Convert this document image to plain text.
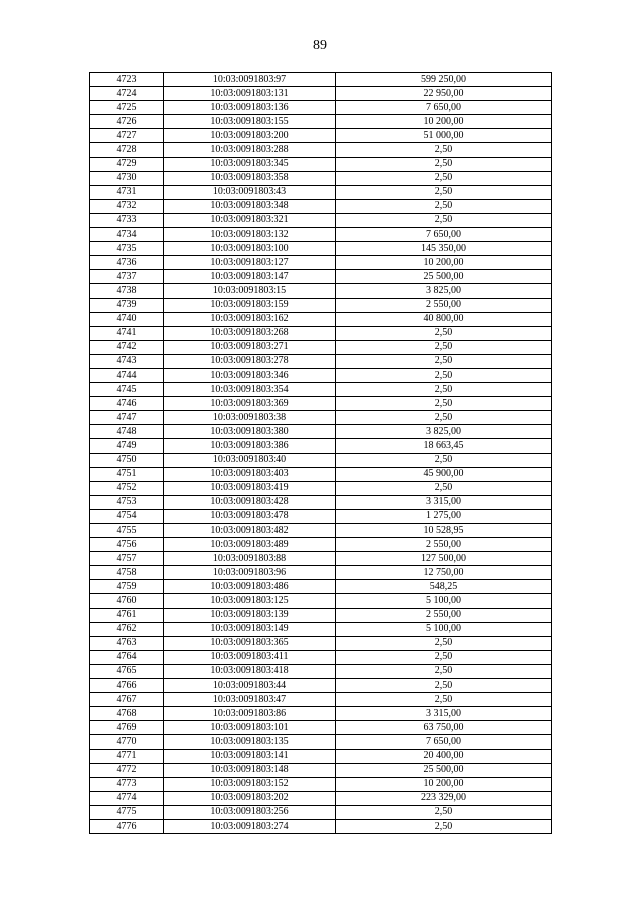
89
4723	10:03:0091803:97	599 250,00
4724	10:03:0091803:131	22 950,00
4725	10:03:0091803:136	7 650,00
4726	10:03:0091803:155	10 200,00
4727	10:03:0091803:200	51 000,00
4728	10:03:0091803:288	2,50
4729	10:03:0091803:345	2,50
4730	10:03:0091803:358	2,50
4731	10:03:0091803:43	2,50
4732	10:03:0091803:348	2,50
4733	10:03:0091803:321	2,50
4734	10:03:0091803:132	7 650,00
4735	10:03:0091803:100	145 350,00
4736	10:03:0091803:127	10 200,00
4737	10:03:0091803:147	25 500,00
4738	10:03:0091803:15	3 825,00
4739	10:03:0091803:159	2 550,00
4740	10:03:0091803:162	40 800,00
4741	10:03:0091803:268	2,50
4742	10:03:0091803:271	2,50
4743	10:03:0091803:278	2,50
4744	10:03:0091803:346	2,50
4745	10:03:0091803:354	2,50
4746	10:03:0091803:369	2,50
4747	10:03:0091803:38	2,50
4748	10:03:0091803:380	3 825,00
4749	10:03:0091803:386	18 663,45
4750	10:03:0091803:40	2,50
4751	10:03:0091803:403	45 900,00
4752	10:03:0091803:419	2,50
4753	10:03:0091803:428	3 315,00
4754	10:03:0091803:478	1 275,00
4755	10:03:0091803:482	10 528,95
4756	10:03:0091803:489	2 550,00
4757	10:03:0091803:88	127 500,00
4758	10:03:0091803:96	12 750,00
4759	10:03:0091803:486	548,25
4760	10:03:0091803:125	5 100,00
4761	10:03:0091803:139	2 550,00
4762	10:03:0091803:149	5 100,00
4763	10:03:0091803:365	2,50
4764	10:03:0091803:411	2,50
4765	10:03:0091803:418	2,50
4766	10:03:0091803:44	2,50
4767	10:03:0091803:47	2,50
4768	10:03:0091803:86	3 315,00
4769	10:03:0091803:101	63 750,00
4770	10:03:0091803:135	7 650,00
4771	10:03:0091803:141	20 400,00
4772	10:03:0091803:148	25 500,00
4773	10:03:0091803:152	10 200,00
4774	10:03:0091803:202	223 329,00
4775	10:03:0091803:256	2,50
4776	10:03:0091803:274	2,50
